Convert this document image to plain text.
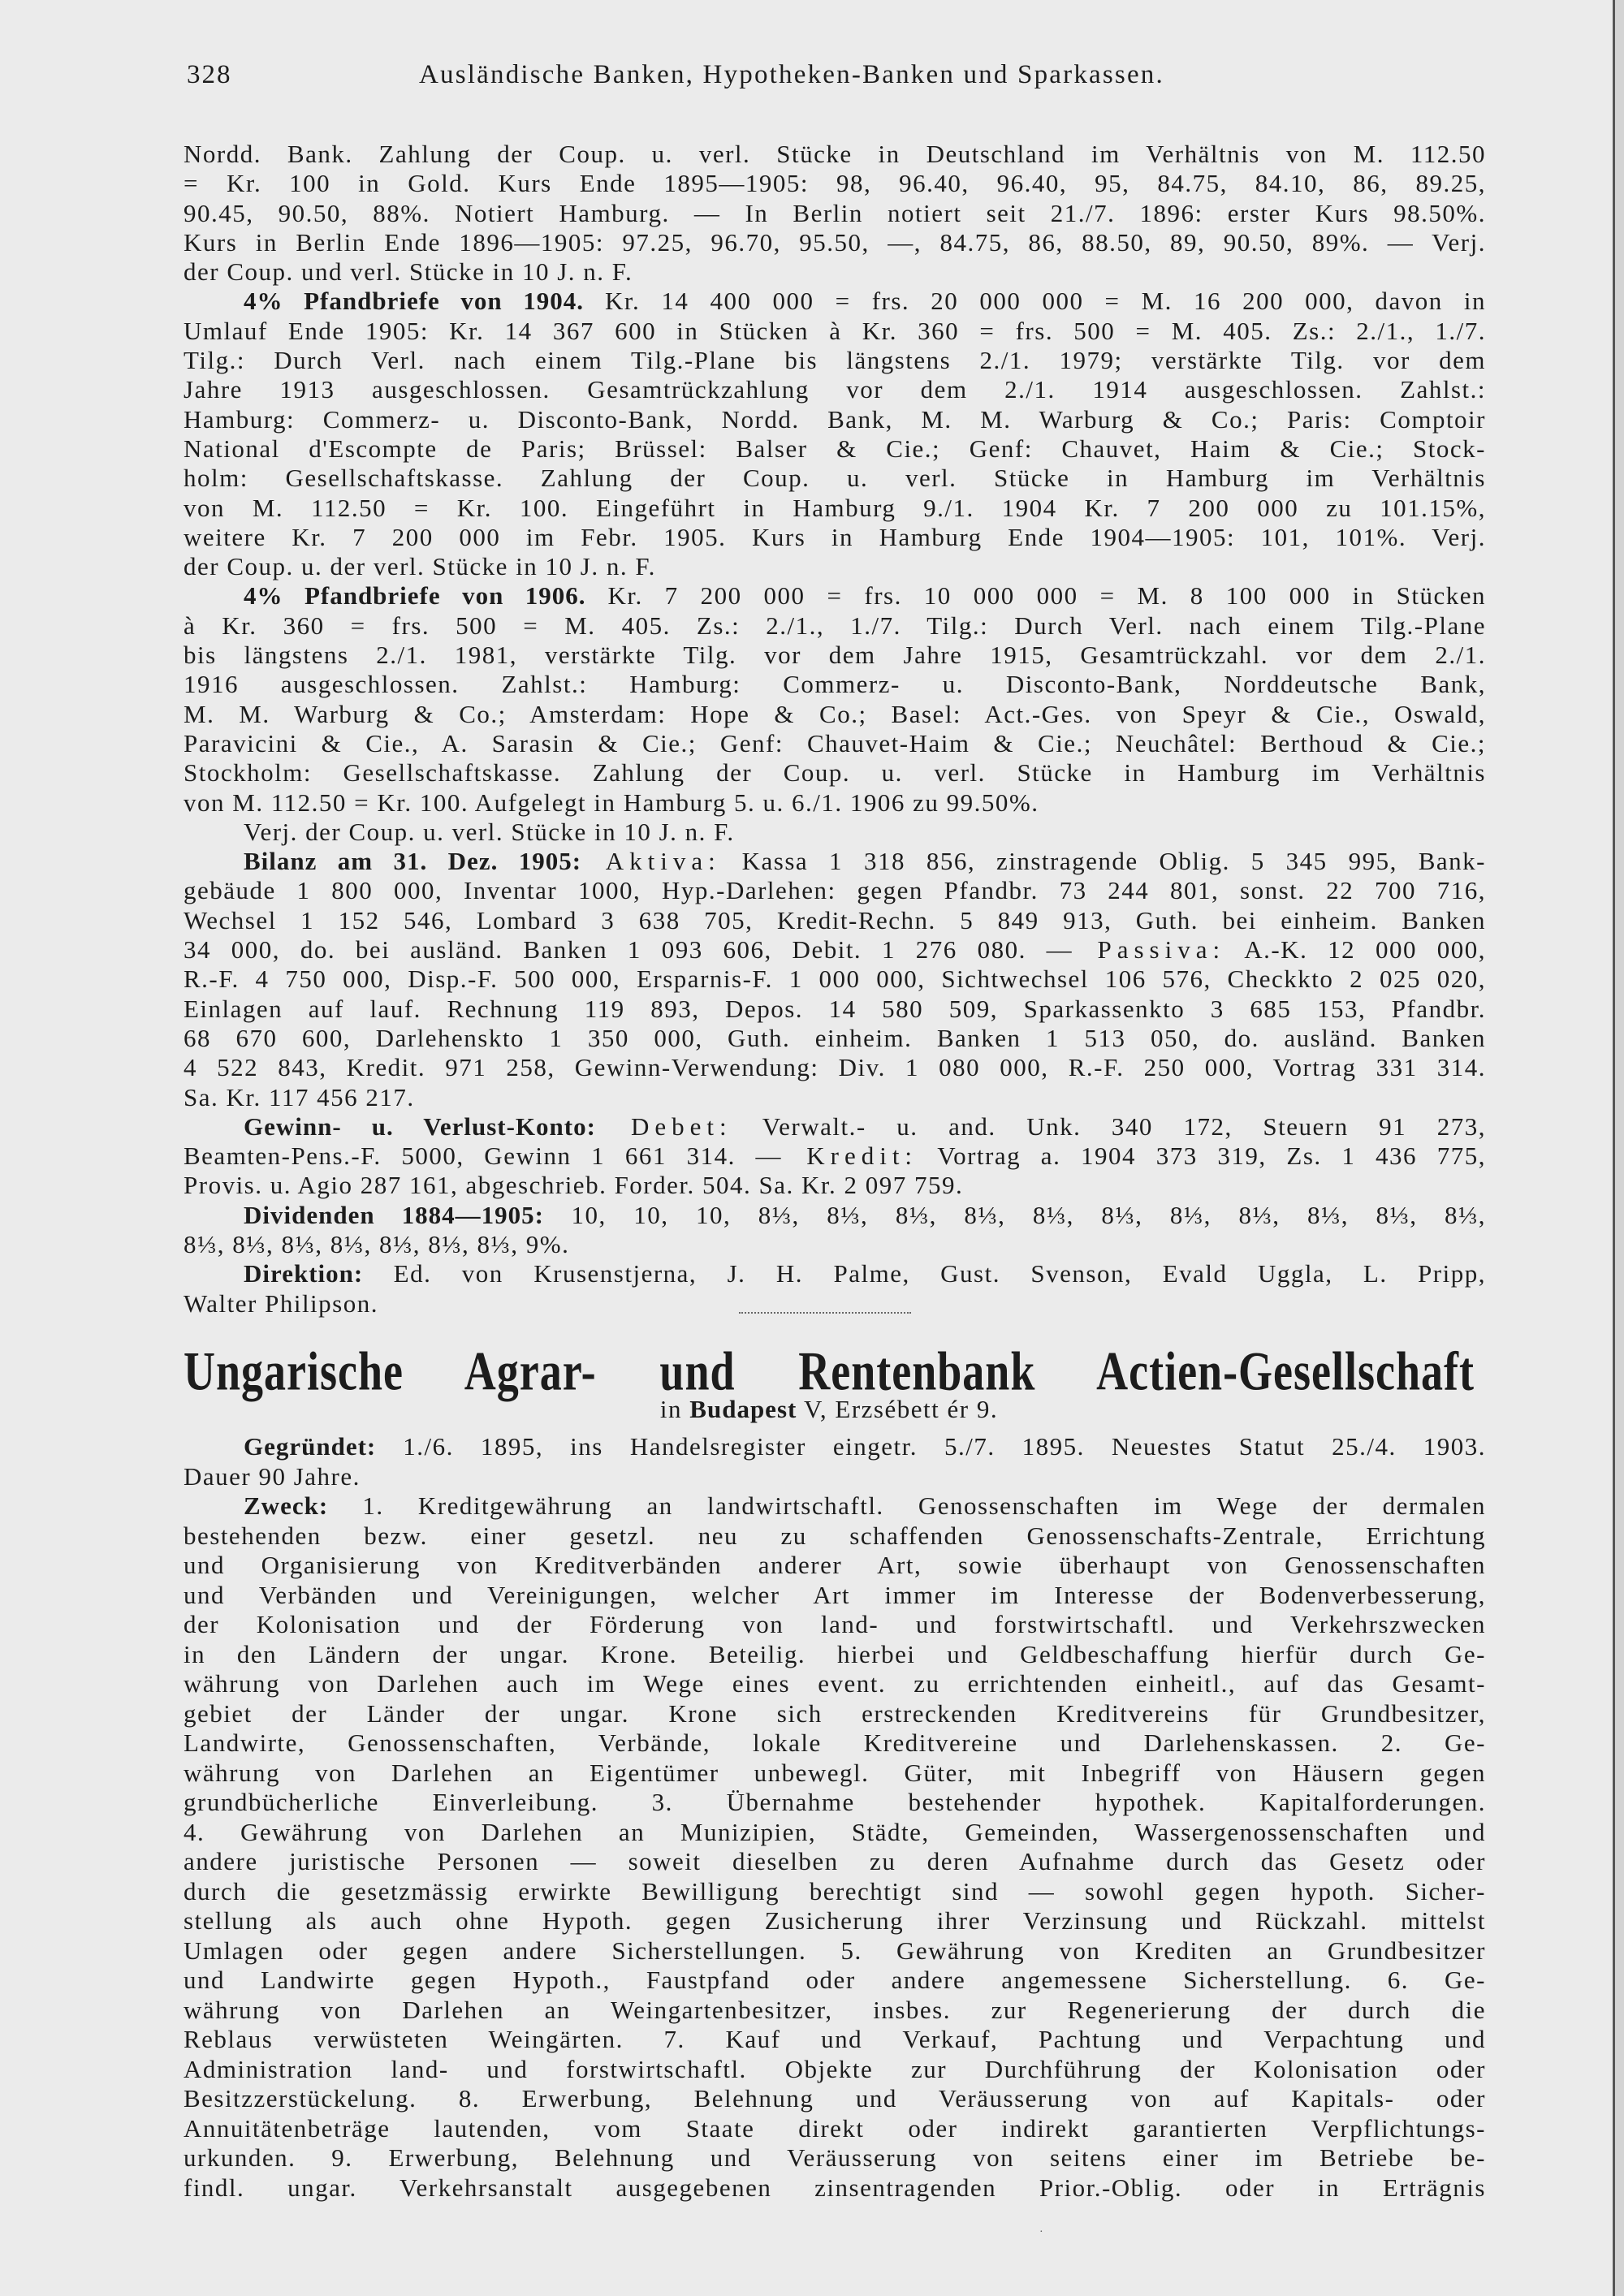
328	Ausländische Banken, Hypotheken-Banken und Sparkassen.
Nordd. Bank. Zahlung der Coup. u. verl. Stücke in Deutschland im Verhältnis von M. 112.50
= Kr. 100 in Gold. Kurs Ende 1895—1905: 98, 96.40, 96.40, 95, 84.75, 84.10, 86, 89.25,
90.45, 90.50, 88%. Notiert Hamburg. — In Berlin notiert seit 21./7. 1896: erster Kurs 98.50%.
Kurs in Berlin Ende 1896—1905: 97.25, 96.70, 95.50, —, 84.75, 86, 88.50, 89, 90.50, 89%. — Verj.
der Coup. und verl. Stücke in 10 J. n. F.
4% Pfandbriefe von 1904. Kr. 14 400 000 = frs. 20 000 000 = M. 16 200 000, davon in
Umlauf Ende 1905: Kr. 14 367 600 in Stücken à Kr. 360 = frs. 500 = M. 405. Zs.: 2./1., 1./7.
Tilg.: Durch Verl. nach einem Tilg.-Plane bis längstens 2./1. 1979; verstärkte Tilg. vor dem
Jahre 1913 ausgeschlossen. Gesamtrückzahlung vor dem 2./1. 1914 ausgeschlossen. Zahlst.:
Hamburg: Commerz- u. Disconto-Bank, Nordd. Bank, M. M. Warburg & Co.; Paris: Comptoir
National d'Escompte de Paris; Brüssel: Balser & Cie.; Genf: Chauvet, Haim & Cie.; Stock-
holm: Gesellschaftskasse. Zahlung der Coup. u. verl. Stücke in Hamburg im Verhältnis
von M. 112.50 = Kr. 100. Eingeführt in Hamburg 9./1. 1904 Kr. 7 200 000 zu 101.15%,
weitere Kr. 7 200 000 im Febr. 1905. Kurs in Hamburg Ende 1904—1905: 101, 101%. Verj.
der Coup. u. der verl. Stücke in 10 J. n. F.
4% Pfandbriefe von 1906. Kr. 7 200 000 = frs. 10 000 000 = M. 8 100 000 in Stücken
à Kr. 360 = frs. 500 = M. 405. Zs.: 2./1., 1./7. Tilg.: Durch Verl. nach einem Tilg.-Plane
bis längstens 2./1. 1981, verstärkte Tilg. vor dem Jahre 1915, Gesamtrückzahl. vor dem 2./1.
1916 ausgeschlossen. Zahlst.: Hamburg: Commerz- u. Disconto-Bank, Norddeutsche Bank,
M. M. Warburg & Co.; Amsterdam: Hope & Co.; Basel: Act.-Ges. von Speyr & Cie., Oswald,
Paravicini & Cie., A. Sarasin & Cie.; Genf: Chauvet-Haim & Cie.; Neuchâtel: Berthoud & Cie.;
Stockholm: Gesellschaftskasse. Zahlung der Coup. u. verl. Stücke in Hamburg im Verhältnis
von M. 112.50 = Kr. 100. Aufgelegt in Hamburg 5. u. 6./1. 1906 zu 99.50%.
Verj. der Coup. u. verl. Stücke in 10 J. n. F.
Bilanz am 31. Dez. 1905: Aktiva: Kassa 1 318 856, zinstragende Oblig. 5 345 995, Bank-
gebäude 1 800 000, Inventar 1000, Hyp.-Darlehen: gegen Pfandbr. 73 244 801, sonst. 22 700 716,
Wechsel 1 152 546, Lombard 3 638 705, Kredit-Rechn. 5 849 913, Guth. bei einheim. Banken
34 000, do. bei ausländ. Banken 1 093 606, Debit. 1 276 080. — Passiva: A.-K. 12 000 000,
R.-F. 4 750 000, Disp.-F. 500 000, Ersparnis-F. 1 000 000, Sichtwechsel 106 576, Checkkto 2 025 020,
Einlagen auf lauf. Rechnung 119 893, Depos. 14 580 509, Sparkassenkto 3 685 153, Pfandbr.
68 670 600, Darlehenskto 1 350 000, Guth. einheim. Banken 1 513 050, do. ausländ. Banken
4 522 843, Kredit. 971 258, Gewinn-Verwendung: Div. 1 080 000, R.-F. 250 000, Vortrag 331 314.
Sa. Kr. 117 456 217.
Gewinn- u. Verlust-Konto: Debet: Verwalt.- u. and. Unk. 340 172, Steuern 91 273,
Beamten-Pens.-F. 5000, Gewinn 1 661 314. — Kredit: Vortrag a. 1904 373 319, Zs. 1 436 775,
Provis. u. Agio 287 161, abgeschrieb. Forder. 504. Sa. Kr. 2 097 759.
Dividenden 1884—1905: 10, 10, 10, 8⅓, 8⅓, 8⅓, 8⅓, 8⅓, 8⅓, 8⅓, 8⅓, 8⅓, 8⅓, 8⅓,
8⅓, 8⅓, 8⅓, 8⅓, 8⅓, 8⅓, 8⅓, 9%.
Direktion: Ed. von Krusenstjerna, J. H. Palme, Gust. Svenson, Evald Uggla, L. Pripp,
Walter Philipson.
Ungarische Agrar- und Rentenbank Actien-Gesellschaft
in Budapest V, Erzsébett ér 9.
Gegründet: 1./6. 1895, ins Handelsregister eingetr. 5./7. 1895. Neuestes Statut 25./4. 1903.
Dauer 90 Jahre.
Zweck: 1. Kreditgewährung an landwirtschaftl. Genossenschaften im Wege der dermalen
bestehenden bezw. einer gesetzl. neu zu schaffenden Genossenschafts-Zentrale, Errichtung
und Organisierung von Kreditverbänden anderer Art, sowie überhaupt von Genossenschaften
und Verbänden und Vereinigungen, welcher Art immer im Interesse der Bodenverbesserung,
der Kolonisation und der Förderung von land- und forstwirtschaftl. und Verkehrszwecken
in den Ländern der ungar. Krone. Beteilig. hierbei und Geldbeschaffung hierfür durch Ge-
währung von Darlehen auch im Wege eines event. zu errichtenden einheitl., auf das Gesamt-
gebiet der Länder der ungar. Krone sich erstreckenden Kreditvereins für Grundbesitzer,
Landwirte, Genossenschaften, Verbände, lokale Kreditvereine und Darlehenskassen. 2. Ge-
währung von Darlehen an Eigentümer unbewegl. Güter, mit Inbegriff von Häusern gegen
grundbücherliche Einverleibung. 3. Übernahme bestehender hypothek. Kapitalforderungen.
4. Gewährung von Darlehen an Munizipien, Städte, Gemeinden, Wassergenossenschaften und
andere juristische Personen — soweit dieselben zu deren Aufnahme durch das Gesetz oder
durch die gesetzmässig erwirkte Bewilligung berechtigt sind — sowohl gegen hypoth. Sicher-
stellung als auch ohne Hypoth. gegen Zusicherung ihrer Verzinsung und Rückzahl. mittelst
Umlagen oder gegen andere Sicherstellungen. 5. Gewährung von Krediten an Grundbesitzer
und Landwirte gegen Hypoth., Faustpfand oder andere angemessene Sicherstellung. 6. Ge-
währung von Darlehen an Weingartenbesitzer, insbes. zur Regenerierung der durch die
Reblaus verwüsteten Weingärten. 7. Kauf und Verkauf, Pachtung und Verpachtung und
Administration land- und forstwirtschaftl. Objekte zur Durchführung der Kolonisation oder
Besitzzerstückelung. 8. Erwerbung, Belehnung und Veräusserung von auf Kapitals- oder
Annuitätenbeträge lautenden, vom Staate direkt oder indirekt garantierten Verpflichtungs-
urkunden. 9. Erwerbung, Belehnung und Veräusserung von seitens einer im Betriebe be-
findl. ungar. Verkehrsanstalt ausgegebenen zinsentragenden Prior.-Oblig. oder in Erträgnis
·
